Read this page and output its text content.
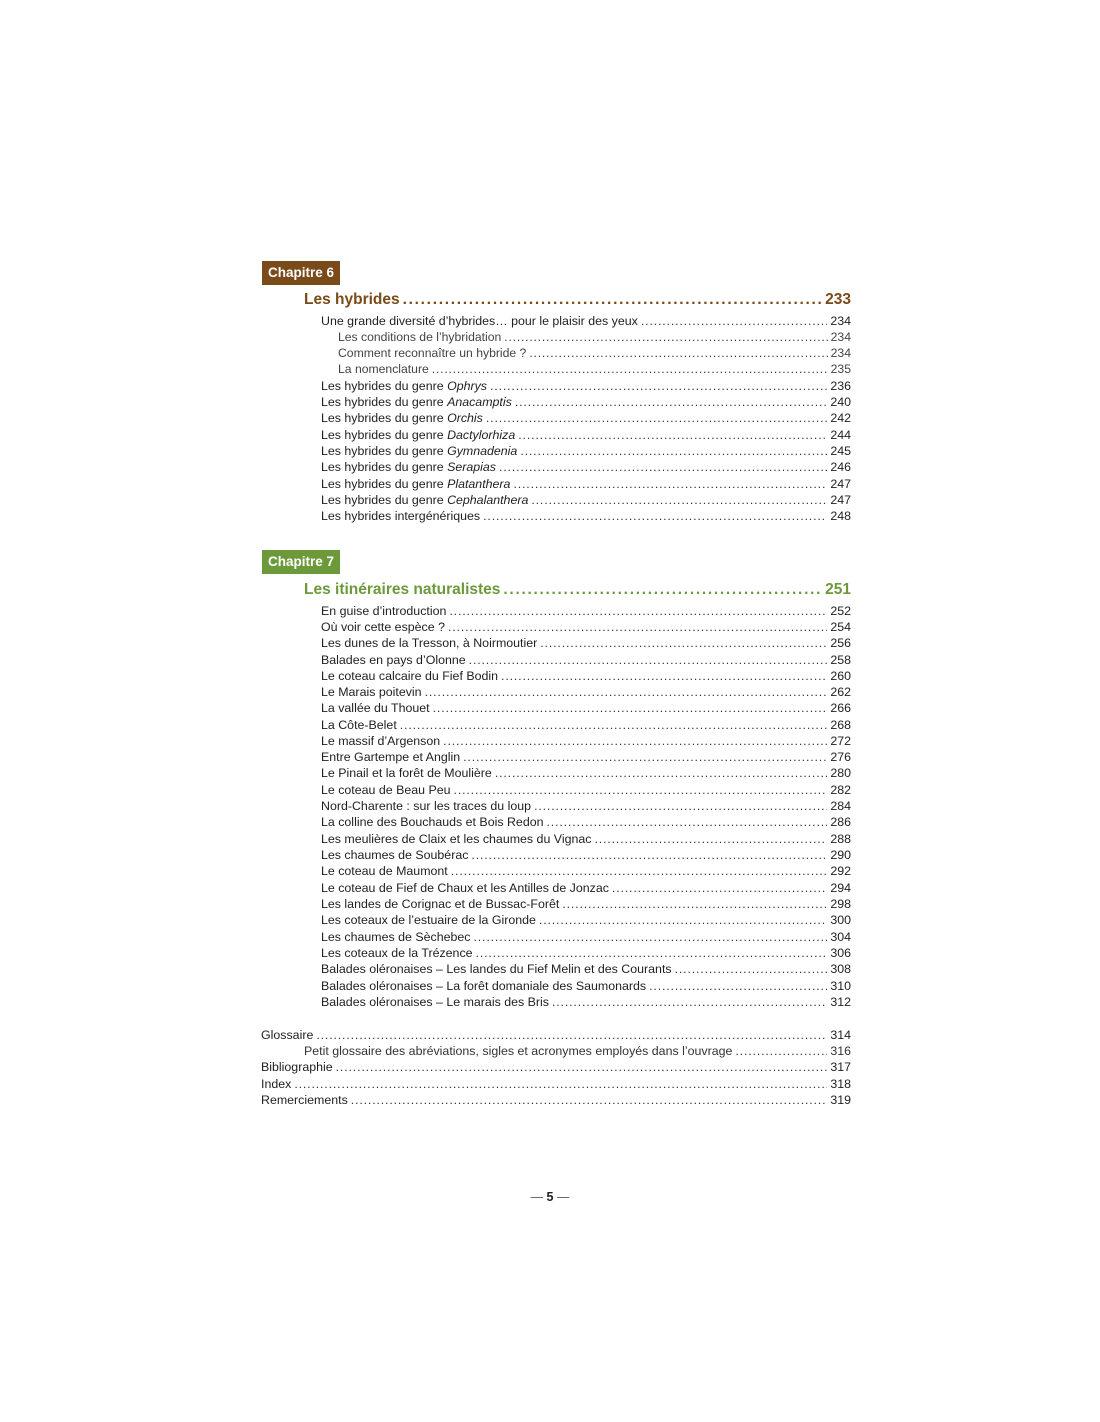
Chapitre 6
Les hybrides . . .	233
Une grande diversité d’hybrides… pour le plaisir des yeux . . .	234
Les conditions de l’hybridation . . .	234
Comment reconnaître un hybride ? . . .	234
La nomenclature . . .	235
Les hybrides du genre Ophrys . . .	236
Les hybrides du genre Anacamptis . . .	240
Les hybrides du genre Orchis . . .	242
Les hybrides du genre Dactylorhiza . . .	244
Les hybrides du genre Gymnadenia . . .	245
Les hybrides du genre Serapias . . .	246
Les hybrides du genre Platanthera . . .	247
Les hybrides du genre Cephalanthera . . .	247
Les hybrides intergénériques . . .	248
Chapitre 7
Les itinéraires naturalistes . . .	251
En guise d’introduction . . .	252
Où voir cette espèce ? . . .	254
Les dunes de la Tresson, à Noirmoutier . . .	256
Balades en pays d’Olonne . . .	258
Le coteau calcaire du Fief Bodin . . .	260
Le Marais poitevin . . .	262
La vallée du Thouet . . .	266
La Côte-Belet . . .	268
Le massif d’Argenson . . .	272
Entre Gartempe et Anglin . . .	276
Le Pinail et la forêt de Moulière . . .	280
Le coteau de Beau Peu . . .	282
Nord-Charente : sur les traces du loup . . .	284
La colline des Bouchauds et Bois Redon . . .	286
Les meulières de Claix et les chaumes du Vignac . . .	288
Les chaumes de Soubérac . . .	290
Le coteau de Maumont . . .	292
Le coteau de Fief de Chaux et les Antilles de Jonzac . . .	294
Les landes de Corignac et de Bussac-Forêt . . .	298
Les coteaux de l’estuaire de la Gironde . . .	300
Les chaumes de Sèchebec . . .	304
Les coteaux de la Trézence . . .	306
Balades oléronaises – Les landes du Fief Melin et des Courants . . .	308
Balades oléronaises – La forêt domaniale des Saumonards . . .	310
Balades oléronaises – Le marais des Bris . . .	312
Glossaire . . .	314
Petit glossaire des abréviations, sigles et acronymes employés dans l’ouvrage . . .	316
Bibliographie . . .	317
Index . . .	318
Remerciements . . .	319
— 5 —
